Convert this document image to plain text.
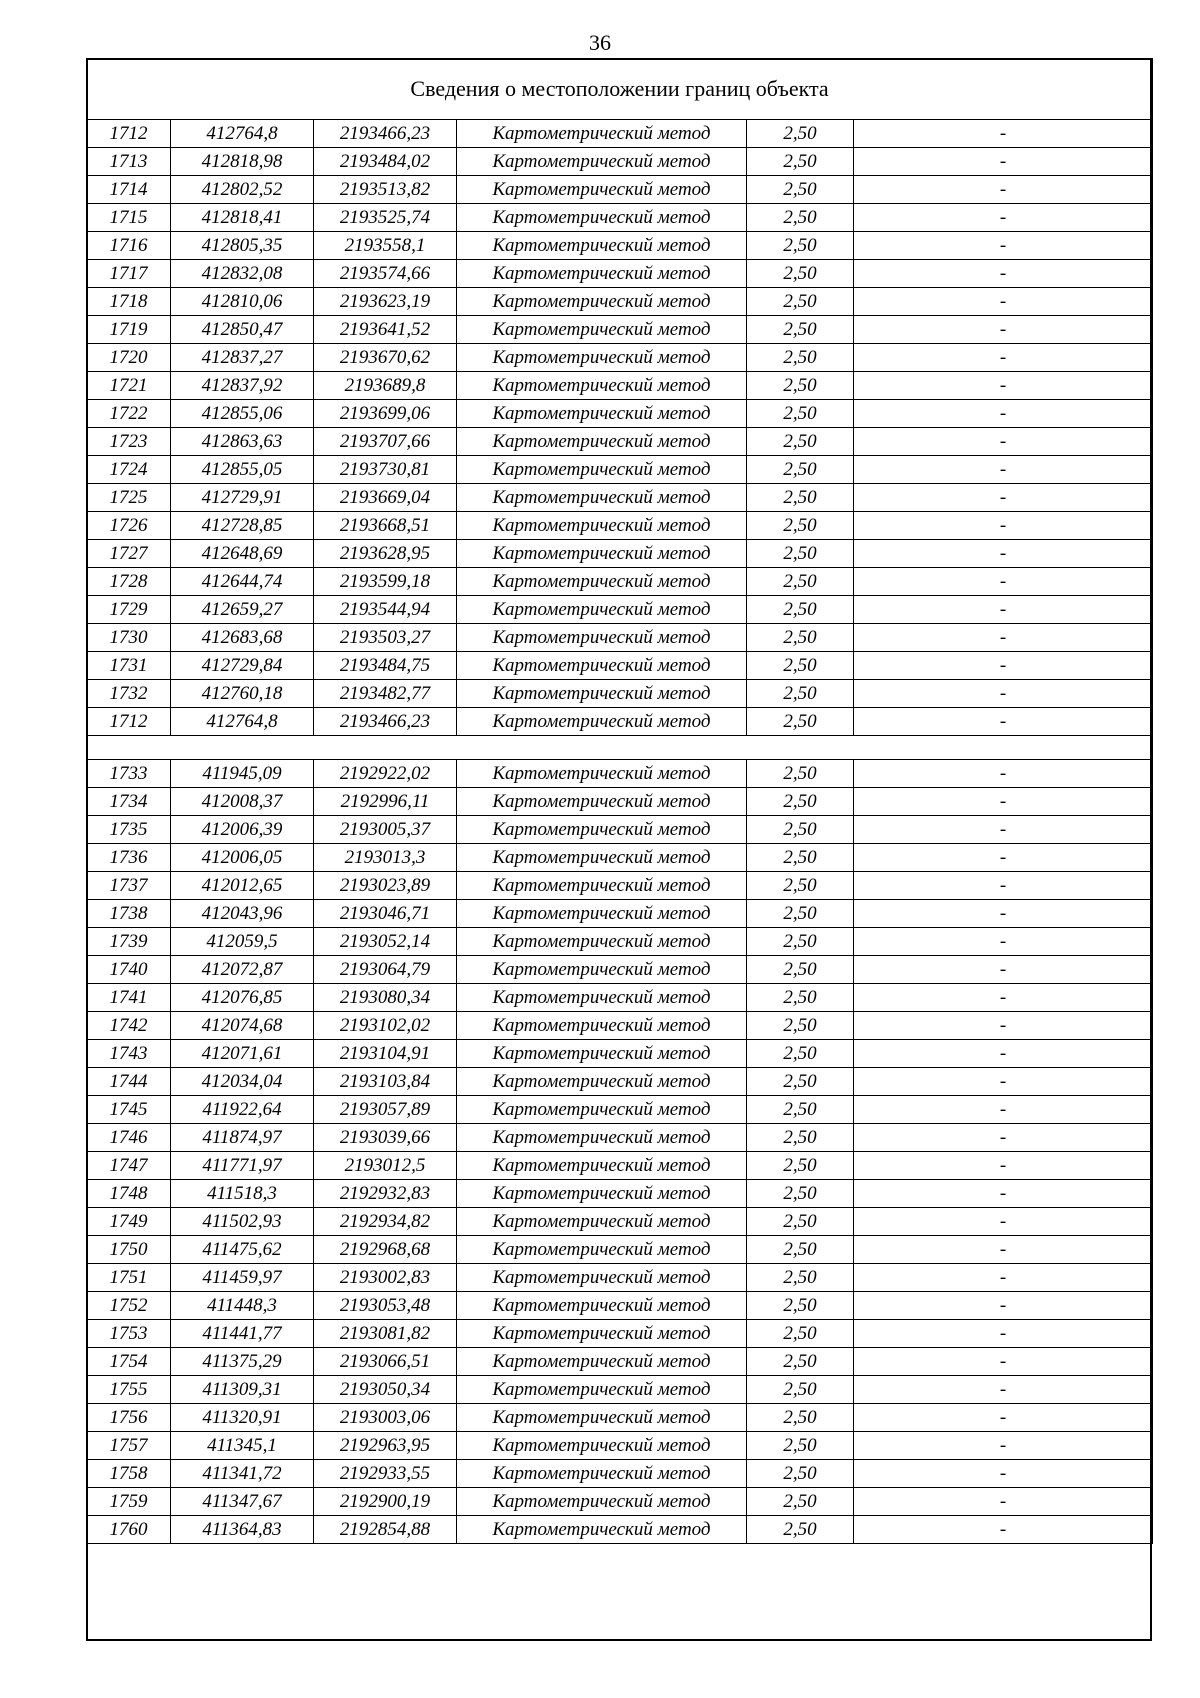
36
Сведения о местоположении границ объекта					
1712	412764,8	2193466,23	Картометрический метод	2,50	-
1713	412818,98	2193484,02	Картометрический метод	2,50	-
1714	412802,52	2193513,82	Картометрический метод	2,50	-
1715	412818,41	2193525,74	Картометрический метод	2,50	-
1716	412805,35	2193558,1	Картометрический метод	2,50	-
1717	412832,08	2193574,66	Картометрический метод	2,50	-
1718	412810,06	2193623,19	Картометрический метод	2,50	-
1719	412850,47	2193641,52	Картометрический метод	2,50	-
1720	412837,27	2193670,62	Картометрический метод	2,50	-
1721	412837,92	2193689,8	Картометрический метод	2,50	-
1722	412855,06	2193699,06	Картометрический метод	2,50	-
1723	412863,63	2193707,66	Картометрический метод	2,50	-
1724	412855,05	2193730,81	Картометрический метод	2,50	-
1725	412729,91	2193669,04	Картометрический метод	2,50	-
1726	412728,85	2193668,51	Картометрический метод	2,50	-
1727	412648,69	2193628,95	Картометрический метод	2,50	-
1728	412644,74	2193599,18	Картометрический метод	2,50	-
1729	412659,27	2193544,94	Картометрический метод	2,50	-
1730	412683,68	2193503,27	Картометрический метод	2,50	-
1731	412729,84	2193484,75	Картометрический метод	2,50	-
1732	412760,18	2193482,77	Картометрический метод	2,50	-
1712	412764,8	2193466,23	Картометрический метод	2,50	-

1733	411945,09	2192922,02	Картометрический метод	2,50	-
1734	412008,37	2192996,11	Картометрический метод	2,50	-
1735	412006,39	2193005,37	Картометрический метод	2,50	-
1736	412006,05	2193013,3	Картометрический метод	2,50	-
1737	412012,65	2193023,89	Картометрический метод	2,50	-
1738	412043,96	2193046,71	Картометрический метод	2,50	-
1739	412059,5	2193052,14	Картометрический метод	2,50	-
1740	412072,87	2193064,79	Картометрический метод	2,50	-
1741	412076,85	2193080,34	Картометрический метод	2,50	-
1742	412074,68	2193102,02	Картометрический метод	2,50	-
1743	412071,61	2193104,91	Картометрический метод	2,50	-
1744	412034,04	2193103,84	Картометрический метод	2,50	-
1745	411922,64	2193057,89	Картометрический метод	2,50	-
1746	411874,97	2193039,66	Картометрический метод	2,50	-
1747	411771,97	2193012,5	Картометрический метод	2,50	-
1748	411518,3	2192932,83	Картометрический метод	2,50	-
1749	411502,93	2192934,82	Картометрический метод	2,50	-
1750	411475,62	2192968,68	Картометрический метод	2,50	-
1751	411459,97	2193002,83	Картометрический метод	2,50	-
1752	411448,3	2193053,48	Картометрический метод	2,50	-
1753	411441,77	2193081,82	Картометрический метод	2,50	-
1754	411375,29	2193066,51	Картометрический метод	2,50	-
1755	411309,31	2193050,34	Картометрический метод	2,50	-
1756	411320,91	2193003,06	Картометрический метод	2,50	-
1757	411345,1	2192963,95	Картометрический метод	2,50	-
1758	411341,72	2192933,55	Картометрический метод	2,50	-
1759	411347,67	2192900,19	Картометрический метод	2,50	-
1760	411364,83	2192854,88	Картометрический метод	2,50	-
